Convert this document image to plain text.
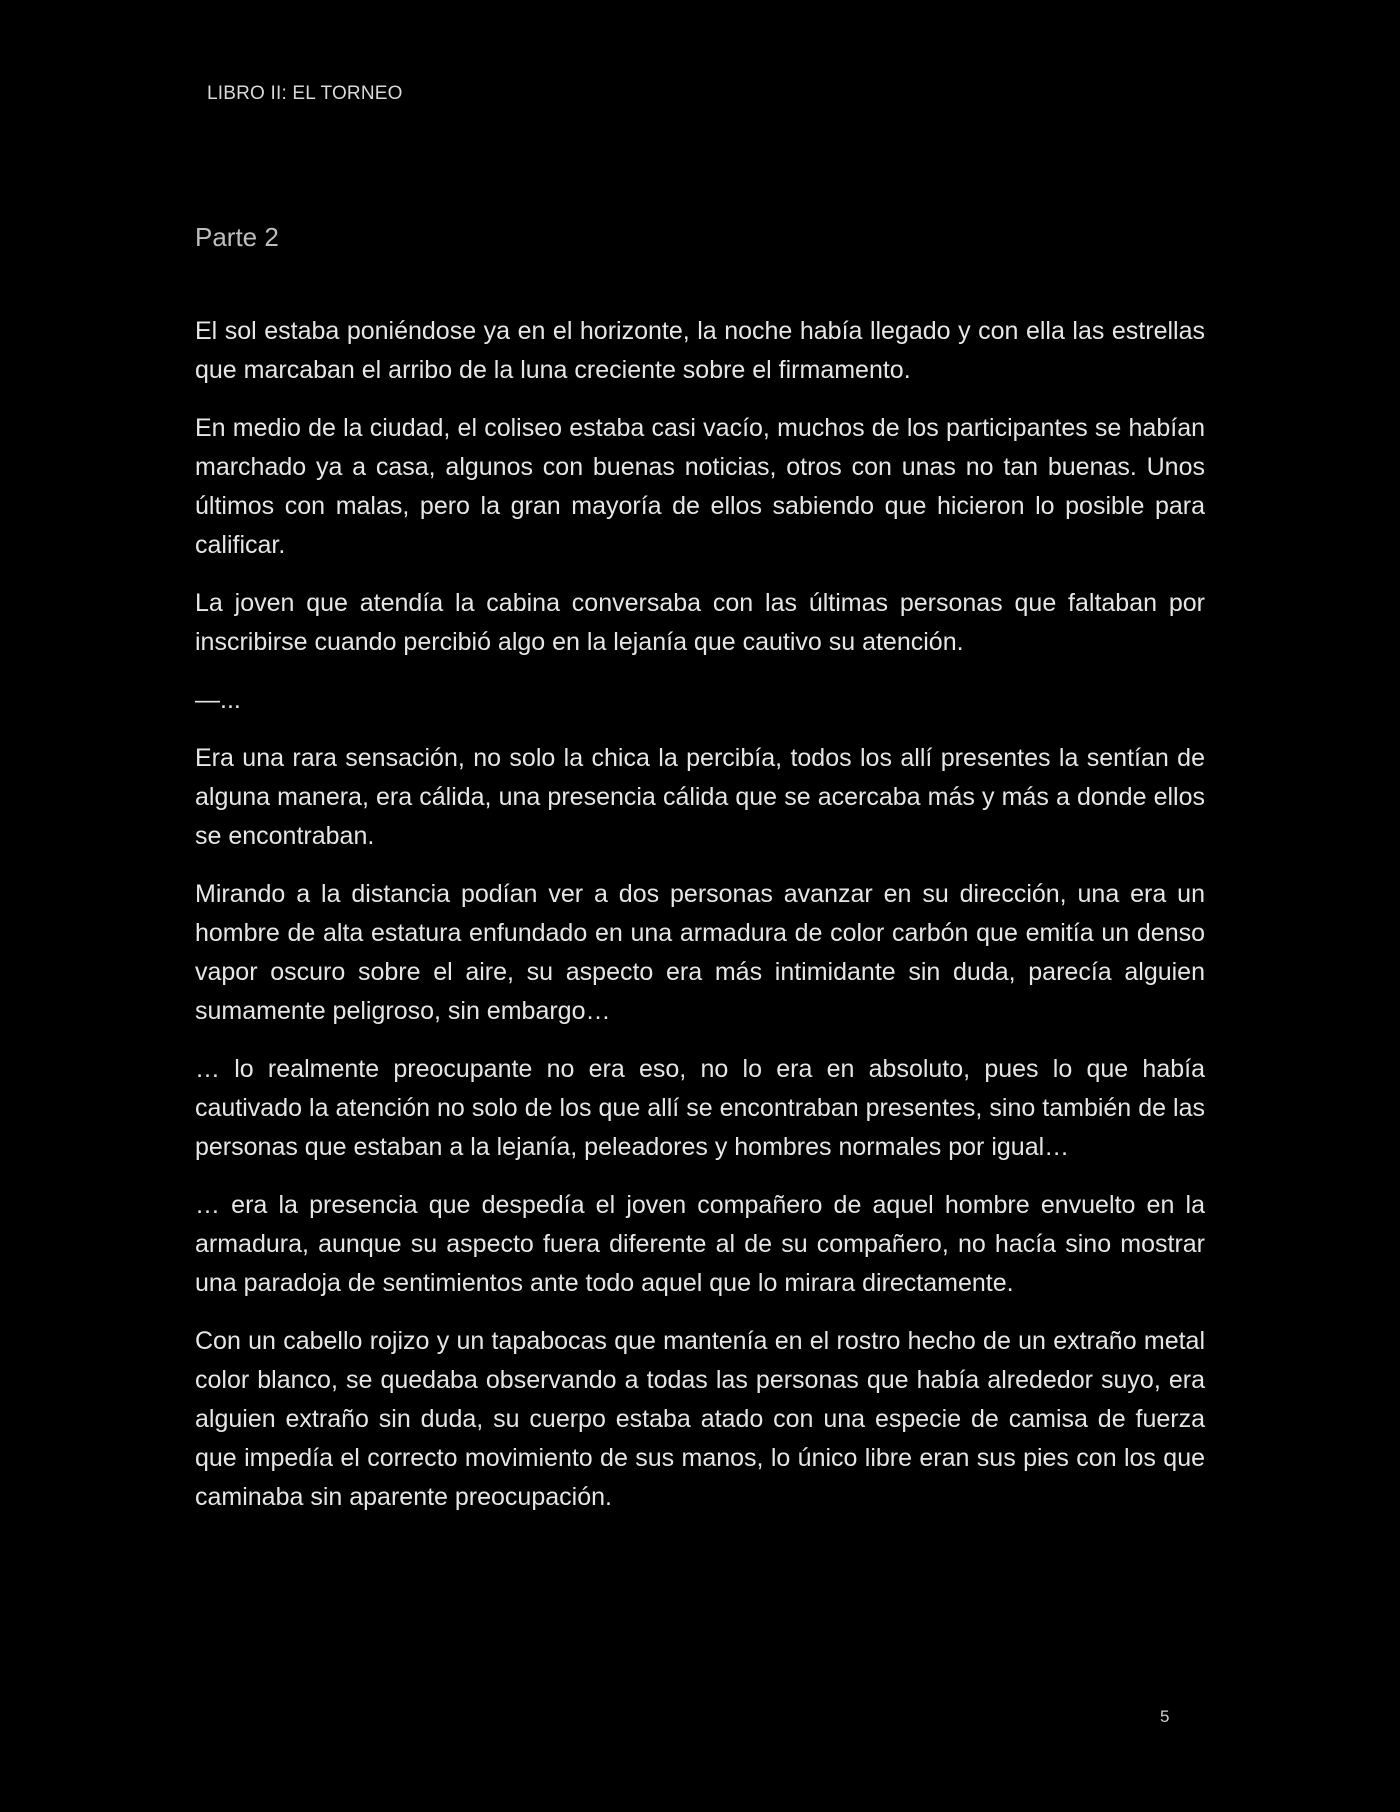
LIBRO II: EL TORNEO
Parte 2

El sol estaba poniéndose ya en el horizonte, la noche había llegado y con ella las estrellas que marcaban el arribo de la luna creciente sobre el firmamento.

En medio de la ciudad, el coliseo estaba casi vacío, muchos de los participantes se habían marchado ya a casa, algunos con buenas noticias, otros con unas no tan buenas. Unos últimos con malas, pero la gran mayoría de ellos sabiendo que hicieron lo posible para calificar.

La joven que atendía la cabina conversaba con las últimas personas que faltaban por inscribirse cuando percibió algo en la lejanía que cautivo su atención.

—...

Era una rara sensación, no solo la chica la percibía, todos los allí presentes la sentían de alguna manera, era cálida, una presencia cálida que se acercaba más y más a donde ellos se encontraban.

Mirando a la distancia podían ver a dos personas avanzar en su dirección, una era un hombre de alta estatura enfundado en una armadura de color carbón que emitía un denso vapor oscuro sobre el aire, su aspecto era más intimidante sin duda, parecía alguien sumamente peligroso, sin embargo…

… lo realmente preocupante no era eso, no lo era en absoluto, pues lo que había cautivado la atención no solo de los que allí se encontraban presentes, sino también de las personas que estaban a la lejanía, peleadores y hombres normales por igual…

… era la presencia que despedía el joven compañero de aquel hombre envuelto en la armadura, aunque su aspecto fuera diferente al de su compañero, no hacía sino mostrar una paradoja de sentimientos ante todo aquel que lo mirara directamente.

Con un cabello rojizo y un tapabocas que mantenía en el rostro hecho de un extraño metal color blanco, se quedaba observando a todas las personas que había alrededor suyo, era alguien extraño sin duda, su cuerpo estaba atado con una especie de camisa de fuerza que impedía el correcto movimiento de sus manos, lo único libre eran sus pies con los que caminaba sin aparente preocupación.

5
